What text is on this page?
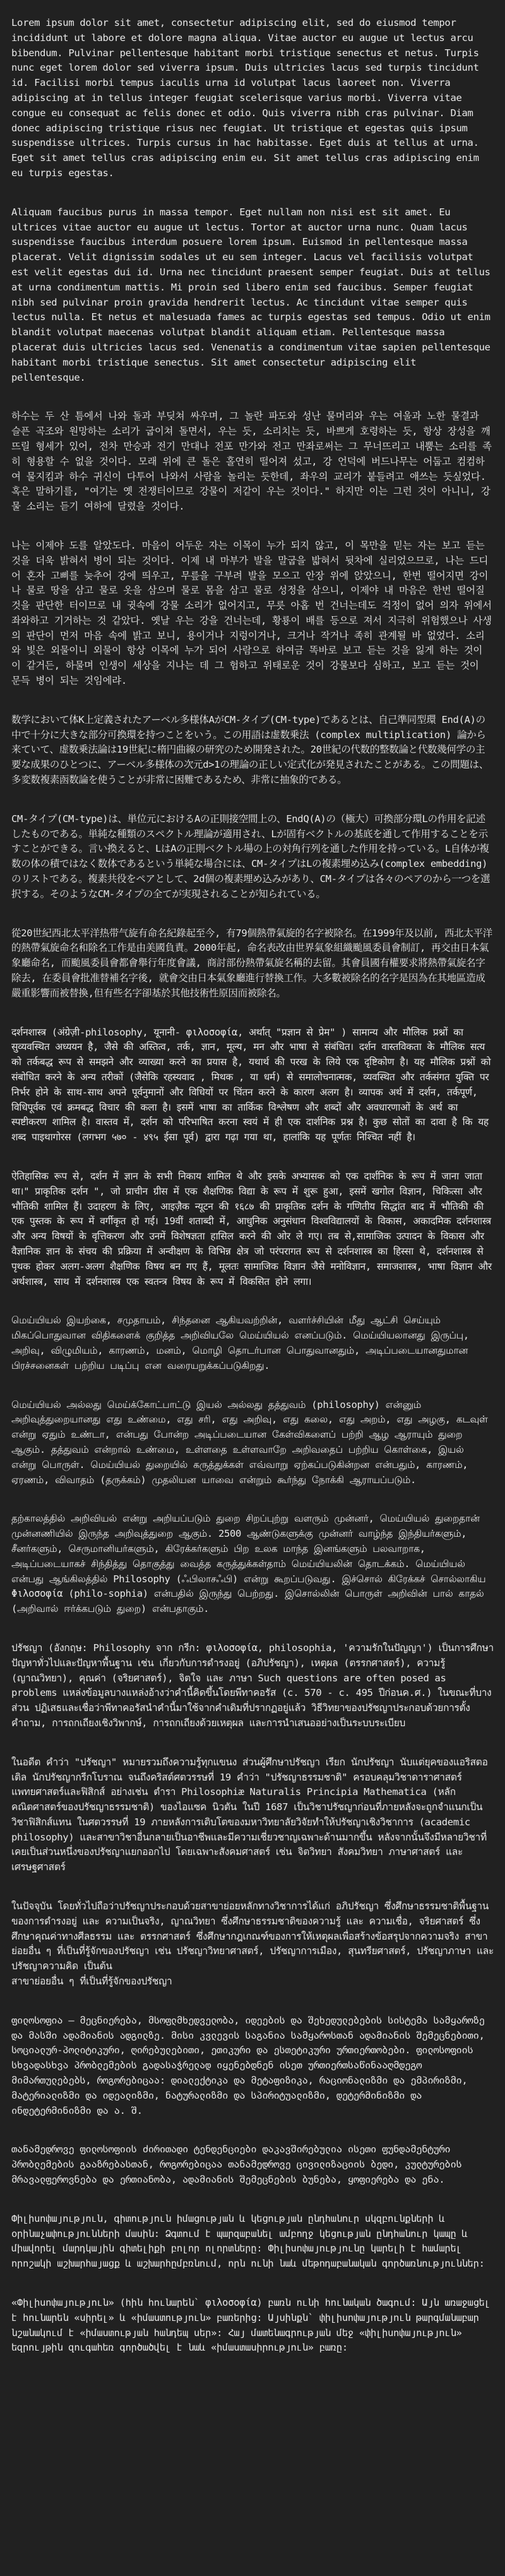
Lorem ipsum dolor sit amet, consectetur adipiscing elit, sed do eiusmod tempor incididunt ut labore et dolore magna aliqua. Vitae auctor eu augue ut lectus arcu bibendum. Pulvinar pellentesque habitant morbi tristique senectus et netus. Turpis nunc eget lorem dolor sed viverra ipsum. Duis ultricies lacus sed turpis tincidunt id. Facilisi morbi tempus iaculis urna id volutpat lacus laoreet non. Viverra adipiscing at in tellus integer feugiat scelerisque varius morbi. Viverra vitae congue eu consequat ac felis donec et odio. Quis viverra nibh cras pulvinar. Diam donec adipiscing tristique risus nec feugiat. Ut tristique et egestas quis ipsum suspendisse ultrices. Turpis cursus in hac habitasse. Eget duis at tellus at urna. Eget sit amet tellus cras adipiscing enim eu. Sit amet tellus cras adipiscing enim eu turpis egestas.

Aliquam faucibus purus in massa tempor. Eget nullam non nisi est sit amet. Eu ultrices vitae auctor eu augue ut lectus. Tortor at auctor urna nunc. Quam lacus suspendisse faucibus interdum posuere lorem ipsum. Euismod in pellentesque massa placerat. Velit dignissim sodales ut eu sem integer. Lacus vel facilisis volutpat est velit egestas dui id. Urna nec tincidunt praesent semper feugiat. Duis at tellus at urna condimentum mattis. Mi proin sed libero enim sed faucibus. Semper feugiat nibh sed pulvinar proin gravida hendrerit lectus. Ac tincidunt vitae semper quis lectus nulla. Et netus et malesuada fames ac turpis egestas sed tempus. Odio ut enim blandit volutpat maecenas volutpat blandit aliquam etiam. Pellentesque massa placerat duis ultricies lacus sed. Venenatis a condimentum vitae sapien pellentesque habitant morbi tristique senectus. Sit amet consectetur adipiscing elit pellentesque.

하수는 두 산 틈에서 나와 돌과 부딪쳐 싸우며, 그 놀란 파도와 성난 물머리와 우는 여울과 노한 물결과 슬픈 곡조와 원망하는 소리가 굽이쳐 돌면서, 우는 듯, 소리치는 듯, 바쁘게 호령하는 듯, 항상 장성을 깨뜨릴 형세가 있어, 전차 만승과 전기 만대나 전포 만가와 전고 만좌로써는 그 무너뜨리고 내뿜는 소리를 족히 형용할 수 없을 것이다. 모래 위에 큰 돌은 홀연히 떨어져 섰고, 강 언덕에 버드나무는 어둡고 컴컴하여 물지킴과 하수 귀신이 다투어 나와서 사람을 놀리는 듯한데, 좌우의 교리가 붙들려고 애쓰는 듯싶었다. 혹은 말하기를, "여기는 옛 전쟁터이므로 강물이 저같이 우는 것이다." 하지만 이는 그런 것이 아니니, 강물 소리는 듣기 여하에 달렸을 것이다.

나는 이제야 도를 알았도다. 마음이 어두운 자는 이목이 누가 되지 않고, 이 목만을 믿는 자는 보고 듣는 것을 더욱 밝혀서 병이 되는 것이다. 이제 내 마부가 발을 말굽을 밟혀서 뒷차에 실리었으므로, 나는 드디어 혼자 고삐를 늦추어 강에 띄우고, 무릎을 구부려 발을 모으고 안장 위에 앉았으니, 한번 떨어지면 강이나 물로 땅을 삼고 물로 옷을 삼으며 물로 몸을 삼고 물로 성정을 삼으니, 이제야 내 마음은 한번 떨어질 것을 판단한 터이므로 내 귓속에 강물 소리가 없어지고, 무릇 아홉 번 건너는데도 걱정이 없어 의자 위에서 좌와하고 기거하는 것 같았다. 옛날 우는 강을 건너는데, 황룡이 배를 등으로 져서 지극히 위험했으나 사생의 판단이 먼저 마음 속에 밝고 보니, 용이거나 지렁이거나, 크거나 작거나 족히 관계될 바 없었다. 소리와 빛은 외물이니 외물이 항상 이목에 누가 되어 사람으로 하여금 똑바로 보고 듣는 것을 잃게 하는 것이 이 같거든, 하물며 인생이 세상을 지나는 데 그 험하고 위태로운 것이 강물보다 심하고, 보고 듣는 것이 문득 병이 되는 것임에랴.

数学において体K上定義されたアーベル多様体AがCM-タイプ(CM-type)であるとは、自己準同型環 End(A)の中で十分に大きな部分可換環を持つことをいう。この用語は虚数乗法 (complex multiplication) 論から来ていて、虚数乗法論は19世紀に楕円曲線の研究のため開発された。20世紀の代数的整数論と代数幾何学の主要な成果のひとつに、アーベル多様体の次元d>1の理論の正しい定式化が発見されたことがある。この問題は、多変数複素函数論を使うことが非常に困難であるため、非常に抽象的である。

CM-タイプ(CM-type)は、単位元におけるAの正則接空間上の、EndQ(A)の（極大）可換部分環Lの作用を記述したものである。単純な種類のスペクトル理論が適用され、Lが固有ベクトルの基底を通して作用することを示すことができる。言い換えると、LはAの正則ベクトル場の上の対角行列を通した作用を持っている。L自体が複数の体の積ではなく数体であるという単純な場合には、CM-タイプはLの複素埋め込み(complex embedding)のリストである。複素共役をペアとして、2d個の複素埋め込みがあり、CM-タイプは各々のペアのから一つを選択する。そのようなCM-タイプの全てが実現されることが知られている。

從20世紀西北太平洋热带气旋有命名紀錄起至今, 有79個熱帶氣旋的名字被除名。在1999年及以前, 西北太平洋的熱帶氣旋命名和除名工作是由美國負責。2000年起, 命名表改由世界氣象組織颱風委員會制訂, 再交由日本氣象廳命名, 而颱風委員會都會舉行年度會議, 商討部份熱帶氣旋名稱的去留。其會員國有權要求將熱帶氣旋名字除去, 在委員會批准替補名字後, 就會交由日本氣象廳進行替換工作。大多數被除名的名字是因為在其地區造成嚴重影響而被替換,但有些名字卻基於其他技術性原因而被除名。

दर्शनशास्त्र (अंग्रेज़ी-philosophy, यूनानी- φιλοσοφία, अर्थात् "प्रज्ञान से प्रेम" ) सामान्य और मौलिक प्रश्नों का सुव्यवस्थित अध्ययन है, जैसे की अस्तित्व, तर्क, ज्ञान, मूल्य, मन और भाषा से संबंधित। दर्शन वास्तविकता के मौलिक सत्य को तर्कबद्ध रूप से समझने और व्याख्या करने का प्रयास है, यथार्थ की परख के लिये एक दृष्टिकोण है। यह मौलिक प्रश्नों को संबोधित करने के अन्य तरीकों (जैसेकि रहस्यवाद , मिथक , या धर्म) से समालोचनात्मक, व्यवस्थित और तर्कसंगत युक्ति पर निर्भर होने के साथ-साथ अपने पूर्वनुमानों और विधियों पर चिंतन करने के कारण अलग है। व्यापक अर्थ में दर्शन, तर्कपूर्ण, विधिपूर्वक एवं क्रमबद्ध विचार की कला है। इसमें भाषा का तार्किक विश्लेषण और शब्दों और अवधारणाओं के अर्थ का स्पष्टीकरण शामिल है। वास्तव में, दर्शन को परिभाषित करना स्वयं में ही एक दार्शनिक प्रश्न है। कुछ सोतों का दावा है कि यह शब्द पाइथागोरस (लगभग ५७० - ४९५ ईसा पूर्व) द्वारा गढ़ा गया था, हालांकि यह पूर्णतः निश्चित नहीं है।

ऐतिहासिक रूप से, दर्शन में ज्ञान के सभी निकाय शामिल थे और इसके अभ्यासक को एक दार्शनिक के रूप में जाना जाता था।" प्राकृतिक दर्शन ", जो प्राचीन ग्रीस में एक शैक्षणिक विद्या के रूप में शुरू हुआ, इसमें खगोल विज्ञान, चिकित्सा और भौतिकी शामिल हैं। उदाहरण के लिए, आइज़ैक न्यूटन की १६८७ की प्राकृतिक दर्शन के गणितीय सिद्धांत बाद में भौतिकी की एक पुस्तक के रूप में वर्गीकृत हो गई। 19वीं शताब्दी में, आधुनिक अनुसंधान विश्वविद्यालयों के विकास, अकादमिक दर्शनशास्त्र और अन्य विषयों के वृत्तिकरण और उनमें विशेषज्ञता हासिल करने की ओर ले गए। तब से,सामाजिक उत्पादन के विकास और वैज्ञानिक ज्ञान के संचय की प्रक्रिया में अन्वीक्षण के विभिन्न क्षेत्र जो परंपरागत रूप से दर्शनशास्त्र का हिस्सा थे, दर्शनशास्त्र से पृथक होकर अलग-अलग शैक्षणिक विषय बन गए हैं, मूलतः सामाजिक विज्ञान जैसे मनोविज्ञान, समाजशास्त्र, भाषा विज्ञान और अर्थशास्त्र, साथ में दर्शनशास्त्र एक स्वतन्त्र विषय के रूप में विकसित होने लगा।

மெய்யியல் இயற்கை, சமுதாயம், சிந்தனை ஆகியவற்றின், வளர்ச்சியின் மீது ஆட்சி செய்யும் மிகப்பொதுவான விதிகளைக் குறித்த அறிவியலே மெய்யியல் எனப்படும். மெய்யியலானது இருப்பு, அறிவு, விழுமியம், காரணம், மனம், மொழி தொடர்பான பொதுவானதும், அடிப்படையானதுமான பிரச்சனைகள் பற்றிய படிப்பு என வரையறுக்கப்படுகிறது.

மெய்யியல் அல்லது மெய்க்கோட்பாட்டு இயல் அல்லது தத்துவம் (philosophy) என்னும் அறிவுத்துறையானது எது உண்மை, எது சரி, எது அறிவு, எது கலை, எது அறம், எது அழகு, கடவுள் என்று ஏதும் உண்டா, என்பது போன்ற அடிப்படையான கேள்விகளைப் பற்றி ஆழ ஆராயும் துறை ஆகும். தத்துவம் என்றால் உண்மை, உள்ளதை உள்ளவாறே அறிவதைப் பற்றிய கொள்கை, இயல் என்று பொருள். மெய்யியல் துறையில் கருத்துக்கள் எவ்வாறு ஏற்கப்படுகின்றன என்பதும், காரணம், ஏரணம், விவாதம் (தருக்கம்) முதலியன யாவை என்றும் கூர்ந்து நோக்கி ஆராயப்படும்.

தற்காலத்தில் அறிவியல் என்று அறியப்படும் துறை சிறப்புற்று வளரும் முன்னர், மெய்யியல் துறைதான் முன்னணியில் இருந்த அறிவுத்துறை ஆகும். 2500 ஆண்டுகளுக்கு முன்னர் வாழ்ந்த இந்தியர்களும், சீனர்களும், செருமானியர்களும், கிரேக்கர்களும் பிற உலக மாந்த இனங்களும் பலவாறாக, அடிப்படையாகச் சிந்தித்து தொகுத்து வைத்த கருத்துக்கள்தாம் மெய்யியலின் தொடக்கம். மெய்யியல் என்பது ஆங்கிலத்தில் Philosophy (ஃபிலாசஃபி) என்று கூறப்படுவது. இச்சொல் கிரேக்கச் சொல்லாகிய Φιλοσοφία (philo-sophia) என்பதில் இருந்து பெற்றது. இசொல்லின் பொருள் அறிவின் பால் காதல் (அறிவால் ஈர்க்கபடும் துறை) என்பதாகும்.

ปรัชญา (อังกฤษ: Philosophy จาก กรีก: φιλοσοφία, philosophia, 'ความรักในปัญญา') เป็นการศึกษาปัญหาทั่วไปและปัญหาพื้นฐาน เช่น เกี่ยวกับการดำรงอยู่ (อภิปรัชญา), เหตุผล (ตรรกศาสตร์), ความรู้ (ญาณวิทยา), คุณค่า (จริยศาสตร์), จิตใจ และ ภาษา Such questions are often posed as problems แหล่งข้อมูลบางแหล่งอ้างว่าคำนี้คิดขึ้นโดยพีทาคอรัส (c. 570 - c. 495 ปีก่อนค.ศ.) ในขณะที่บางส่วน ปฏิเสธและเชื่อว่าพีทาคอรัสนำคำนี้มาใช้จากคำเดิมที่ปรากฏอยู่แล้ว วิธีวิทยาของปรัชญาประกอบด้วยการตั้งคำถาม, การถกเถียงเชิงวิพากษ์, การถกเถียงด้วยเหตุผล และการนำเสนออย่างเป็นระบบระเบียบ

ในอดีต คำว่า "ปรัชญา" หมายรวมถึงความรู้ทุกแขนง ส่วนผู้ศึกษาปรัชญา เรียก นักปรัชญา นับแต่ยุคของแอริสตอเติล นักปรัชญากรีกโบราณ จนถึงคริสต์ศตวรรษที่ 19 คำว่า "ปรัชญาธรรมชาติ" ครอบคลุมวิชาดาราศาสตร์ แพทยศาสตร์และฟิสิกส์ อย่างเช่น ตำรา Philosophiæ Naturalis Principia Mathematica (หลักคณิตศาสตร์ของปรัชญาธรรมชาติ) ของไอแซค นิวตัน ในปี 1687 เป็นวิชาปรัชญาก่อนที่ภายหลังจะถูกจำแนกเป็นวิชาฟิสิกส์แทน ในศตวรรษที่ 19 ภายหลังการเติบโตของมหาวิทยาลัยวิจัยทำให้ปรัชญาเชิงวิชาการ (academic philosophy) และสาขาวิชาอื่นกลายเป็นอาชีพและมีความเชี่ยวชาญเฉพาะด้านมากขึ้น หลังจากนั้นจึงมีหลายวิชาที่เคยเป็นส่วนหนึ่งของปรัชญาแยกออกไป โดยเฉพาะสังคมศาสตร์ เช่น จิตวิทยา สังคมวิทยา ภาษาศาสตร์ และเศรษฐศาสตร์

ในปัจจุบัน โดยทั่วไปถือว่าปรัชญาประกอบด้วยสาขาย่อยหลักทางวิชาการได้แก่ อภิปรัชญา ซึ่งศึกษาธรรมชาติพื้นฐานของการดำรงอยู่ และ ความเป็นจริง, ญาณวิทยา ซึ่งศึกษาธรรมชาติของความรู้ และ ความเชื่อ, จริยศาสตร์ ซึ่งศึกษาคุณค่าทางศีลธรรม และ ตรรกศาสตร์ ซึ่งศึกษากฎเกณฑ์ของการให้เหตุผลเพื่อสร้างข้อสรุปจากความจริง สาขาย่อยอื่น ๆ ที่เป็นที่รู้จักของปรัชญา เช่น ปรัชญาวิทยาศาสตร์, ปรัชญาการเมือง, สุนทรียศาสตร์, ปรัชญาภาษา และ ปรัชญาความคิด เป็นต้น

สาขาย่อยอื่น ๆ ที่เป็นที่รู้จักของปรัชญา

ფილოსოფია — მეცნიერება, მსოფლმხედველობა, იდეების და შეხედულებების სისტემა სამყაროზე და მასში ადამიანის ადგილზე. მისი კვლევის საგანია სამყაროსთან ადამიანის შემეცნებითი, სოციალურ-პოლიტიკური, ღირებულებითი, ეთიკური და ესთეტიკური ურთიერთობები. ფილოსოფიის სხვადასხვა პრობლემების გადასაჭრელად იყენებდნენ ისეთ ურთიერთსაწინააღმდეგო მიმართულებებს, როგორებიცაა: დიალექტიკა და მეტაფიზიკა, რაციონალიზმი და ემპირიზმი, მატერიალიზმი და იდეალიზმი, ნატურალიზმი და სპირიტუალიზმი, დეტერმინიზმი და ინდეტერმინიზმი და ა. შ.

თანამედროვე ფილოსოფიის ძირითადი ტენდენციები დაკავშირებულია ისეთი ფუნდამენტური პრობლემების გააზრებასთან, როგორებიცაა თანამედროვე ცივილიზაციის ბედი, კულტურების მრავალფეროვნება და ერთიანობა, ადამიანის შემეცნების ბუნება, ყოფიერება და ენა.

Փիլիսոփայություն, գիտություն իմացության և կեցության ընդհանուր սկզբունքների և օրինաչափությունների մասին: Ձգտում է պարզաբանել ամբողջ կեցության ընդհանուր կապը և միավորել մարդկային գիտելիքի բոլոր ոլորտները: Փիլիսոփայությունը կարելի է համարել որոշակի աշխարհայացք և աշխարհըմբռնում, որն ունի նաև մեթոդաբանական գործառնություններ:

«Փիլիսոփայություն» (հին հունարեն` φιλοσοφία) բառն ունի հունական ծագում: Այն առաջացել է հունարեն «սիրել» և «իմաստություն» բառերից: Այսինքն` փիլիսոփայություն թարգմանաբար նշանակում է «իմաստության հանդեպ սեր»: Հայ մատենագրության մեջ «փիլիսոփայություն» եզրույթին զուգահեռ գործածվել է նաև «իմաստասիրություն» բառը:
